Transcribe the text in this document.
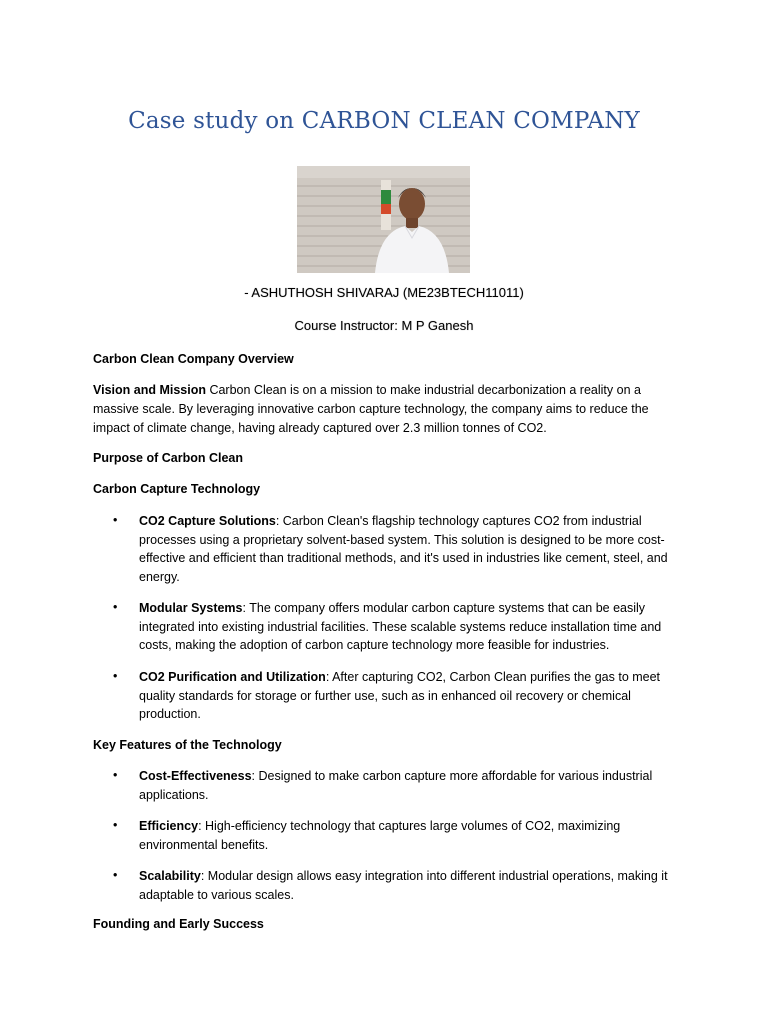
Case study on CARBON CLEAN COMPANY
- ASHUTHOSH SHIVARAJ (ME23BTECH11011)
Course Instructor: M P Ganesh
Carbon Clean Company Overview
Vision and Mission Carbon Clean is on a mission to make industrial decarbonization a reality on a massive scale. By leveraging innovative carbon capture technology, the company aims to reduce the impact of climate change, having already captured over 2.3 million tonnes of CO2.
Purpose of Carbon Clean
Carbon Capture Technology
• CO2 Capture Solutions: Carbon Clean's flagship technology captures CO2 from industrial processes using a proprietary solvent-based system. This solution is designed to be more cost-effective and efficient than traditional methods, and it's used in industries like cement, steel, and energy.
• Modular Systems: The company offers modular carbon capture systems that can be easily integrated into existing industrial facilities. These scalable systems reduce installation time and costs, making the adoption of carbon capture technology more feasible for industries.
• CO2 Purification and Utilization: After capturing CO2, Carbon Clean purifies the gas to meet quality standards for storage or further use, such as in enhanced oil recovery or chemical production.
Key Features of the Technology
• Cost-Effectiveness: Designed to make carbon capture more affordable for various industrial applications.
• Efficiency: High-efficiency technology that captures large volumes of CO2, maximizing environmental benefits.
• Scalability: Modular design allows easy integration into different industrial operations, making it adaptable to various scales.
Founding and Early Success
